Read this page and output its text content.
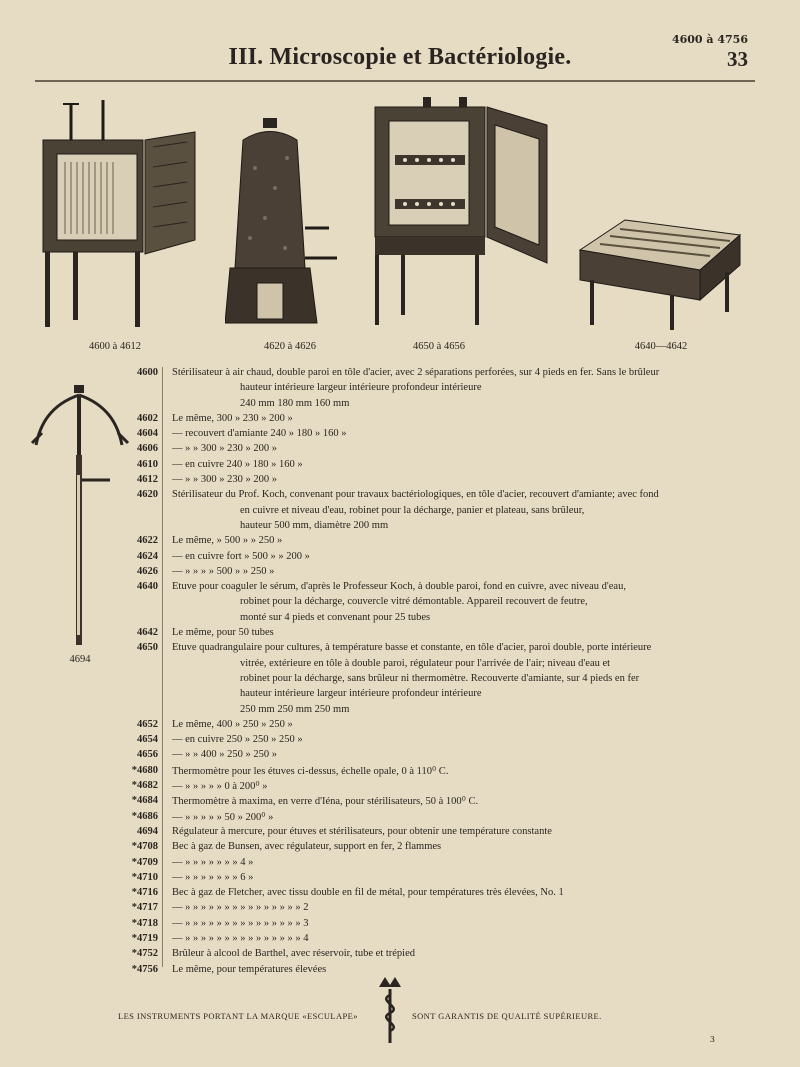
4600 à 4756
III. Microscopie et Bactériologie.	33
4600 à 4612	4620 à 4626	4650 à 4656	4640—4642
4694
4600 Stérilisateur à air chaud, double paroi en tôle d'acier, avec 2 séparations perforées, sur 4 pieds en fer. Sans le brûleur
hauteur intérieure largeur intérieure profondeur intérieure
240 mm 180 mm 160 mm
4602 Le même, 300 » 230 » 200 »
4604 — recouvert d'amiante 240 » 180 » 160 »
4606 — » » 300 » 230 » 200 »
4610 — en cuivre 240 » 180 » 160 »
4612 — » » 300 » 230 » 200 »
4620 Stérilisateur du Prof. Koch, convenant pour travaux bactériologiques, en tôle d'acier, recouvert d'amiante; avec fond
en cuivre et niveau d'eau, robinet pour la décharge, panier et plateau, sans brûleur,
hauteur 500 mm, diamètre 200 mm
4622 Le même, » 500 » » 250 »
4624 — en cuivre fort » 500 » » 200 »
4626 — » » » » 500 » » 250 »
4640 Etuve pour coaguler le sérum, d'après le Professeur Koch, à double paroi, fond en cuivre, avec niveau d'eau,
robinet pour la décharge, couvercle vitré démontable. Appareil recouvert de feutre,
monté sur 4 pieds et convenant pour 25 tubes
4642 Le même, pour 50 tubes
4650 Etuve quadrangulaire pour cultures, à température basse et constante, en tôle d'acier, paroi double, porte intérieure
vitrée, extérieure en tôle à double paroi, régulateur pour l'arrivée de l'air; niveau d'eau et
robinet pour la décharge, sans brûleur ni thermomètre. Recouverte d'amiante, sur 4 pieds en fer
hauteur intérieure largeur intérieure profondeur intérieure
250 mm 250 mm 250 mm
4652 Le même, 400 » 250 » 250 »
4654 — en cuivre 250 » 250 » 250 »
4656 — » » 400 » 250 » 250 »
*4680 Thermomètre pour les étuves ci-dessus, échelle opale, 0 à 110⁰ C.
*4682 — » » » » » 0 à 200⁰ »
*4684 Thermomètre à maxima, en verre d'Iéna, pour stérilisateurs, 50 à 100⁰ C.
*4686 — » » » » » 50 » 200⁰ »
4694 Régulateur à mercure, pour étuves et stérilisateurs, pour obtenir une température constante
*4708 Bec à gaz de Bunsen, avec régulateur, support en fer, 2 flammes
*4709 — » » » » » » » 4 »
*4710 — » » » » » » » 6 »
*4716 Bec à gaz de Fletcher, avec tissu double en fil de métal, pour températures très élevées, No. 1
*4717 — » » » » » » » » » » » » » » » 2
*4718 — » » » » » » » » » » » » » » » 3
*4719 — » » » » » » » » » » » » » » » 4
*4752 Brûleur à alcool de Barthel, avec réservoir, tube et trépied
*4756 Le même, pour températures élevées
LES INSTRUMENTS PORTANT LA MARQUE «ESCULAPE»	SONT GARANTIS DE QUALITÉ SUPÉRIEURE.
3
